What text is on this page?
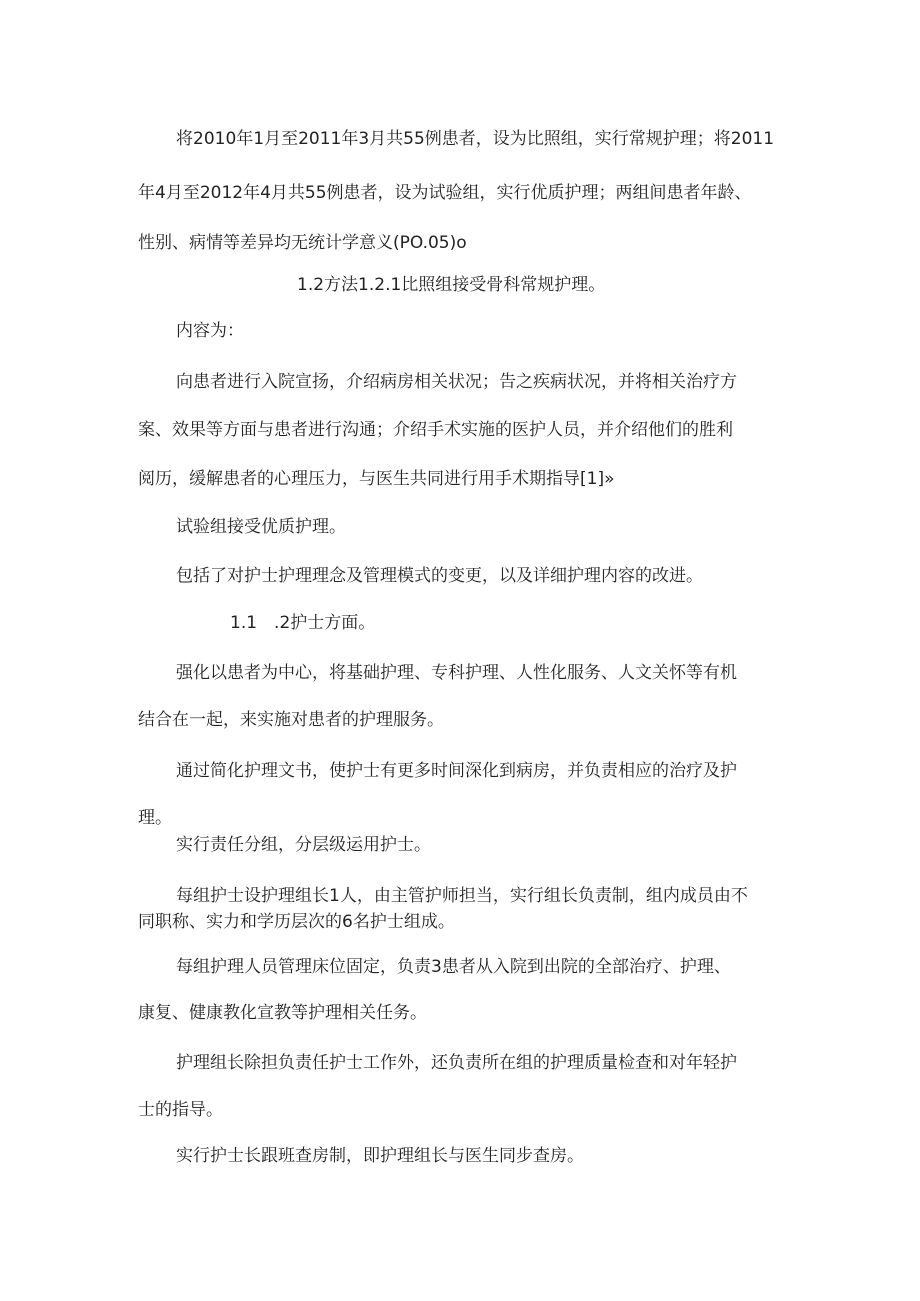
将2010年1月至2011年3月共55例患者，设为比照组，实行常规护理；将2011
年4月至2012年4月共55例患者，设为试验组，实行优质护理；两组间患者年龄、
性别、病情等差异均无统计学意义(PO.05)o
1.2方法1.2.1比照组接受骨科常规护理。
内容为：
向患者进行入院宣扬，介绍病房相关状况；告之疾病状况，并将相关治疗方
案、效果等方面与患者进行沟通；介绍手术实施的医护人员，并介绍他们的胜利
阅历，缓解患者的心理压力，与医生共同进行用手术期指导[1]»
试验组接受优质护理。
包括了对护士护理理念及管理模式的变更，以及详细护理内容的改进。
1.1　.2护士方面。
强化以患者为中心，将基础护理、专科护理、人性化服务、人文关怀等有机
结合在一起，来实施对患者的护理服务。
通过简化护理文书，使护士有更多时间深化到病房，并负责相应的治疗及护
理。
实行责任分组，分层级运用护士。
每组护士设护理组长1人，由主管护师担当，实行组长负责制，组内成员由不
同职称、实力和学历层次的6名护士组成。
每组护理人员管理床位固定，负责3患者从入院到出院的全部治疗、护理、
康复、健康教化宣教等护理相关任务。
护理组长除担负责任护士工作外，还负责所在组的护理质量检查和对年轻护
士的指导。
实行护士长跟班查房制，即护理组长与医生同步查房。
